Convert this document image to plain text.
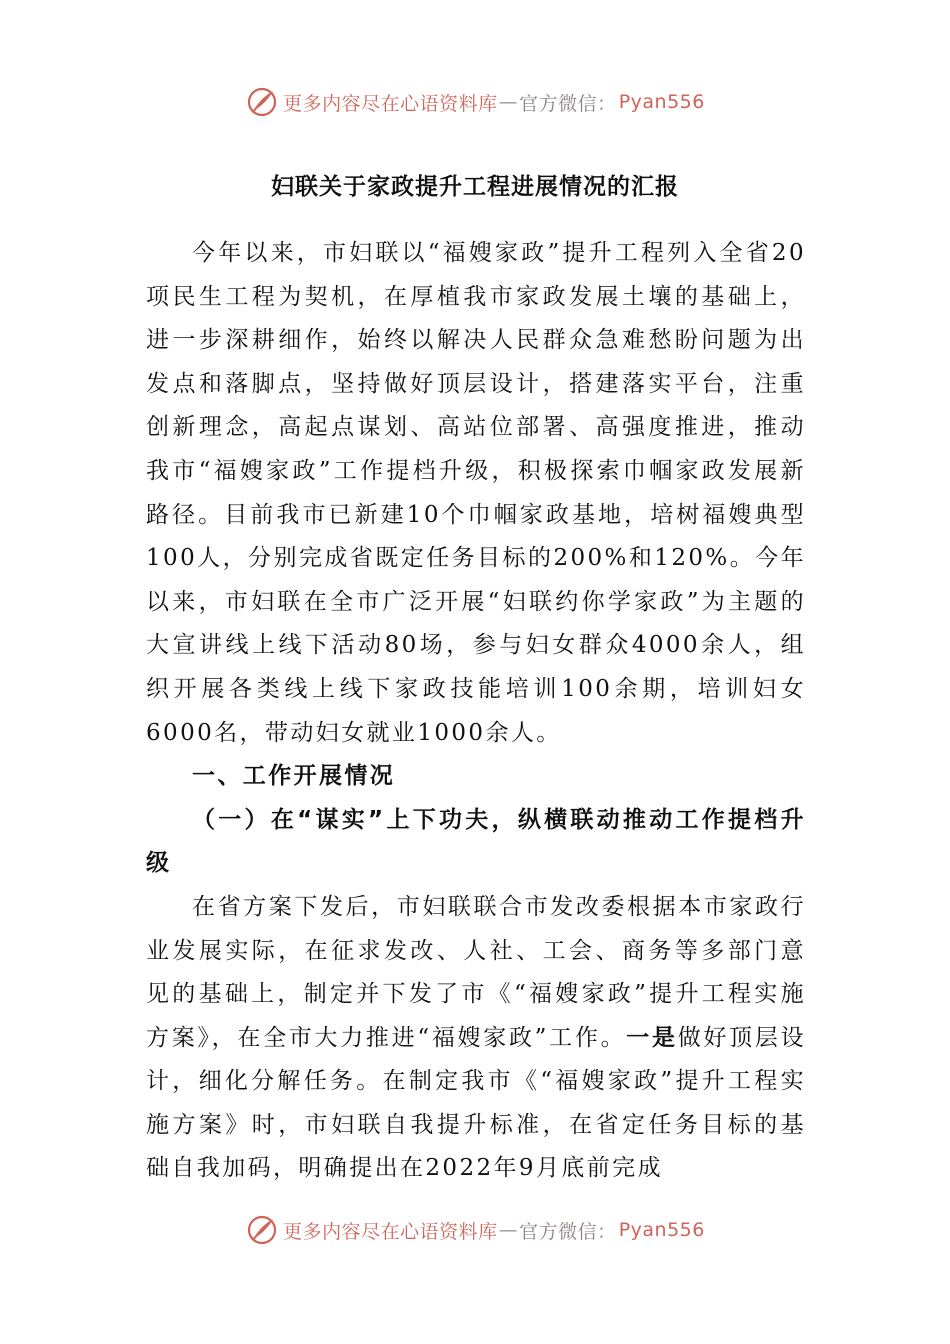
更多内容尽在心语资料库 — 官方微信： Pyan556
妇联关于家政提升工程进展情况的汇报

今年以来，市妇联以“福嫂家政”提升工程列入全省20项民生工程为契机，在厚植我市家政发展土壤的基础上，进一步深耕细作，始终以解决人民群众急难愁盼问题为出发点和落脚点，坚持做好顶层设计，搭建落实平台，注重创新理念，高起点谋划、高站位部署、高强度推进，推动我市“福嫂家政”工作提档升级，积极探索巾帼家政发展新路径。目前我市已新建10个巾帼家政基地，培树福嫂典型100人，分别完成省既定任务目标的200%和120%。今年以来，市妇联在全市广泛开展“妇联约你学家政”为主题的大宣讲线上线下活动80场，参与妇女群众4000余人，组织开展各类线上线下家政技能培训100余期，培训妇女6000名，带动妇女就业1000余人。

一、工作开展情况

（一）在“谋实”上下功夫，纵横联动推动工作提档升级

在省方案下发后，市妇联联合市发改委根据本市家政行业发展实际，在征求发改、人社、工会、商务等多部门意见的基础上，制定并下发了市《“福嫂家政”提升工程实施方案》，在全市大力推进“福嫂家政”工作。一是做好顶层设计，细化分解任务。在制定我市《“福嫂家政”提升工程实施方案》时，市妇联自我提升标准，在省定任务目标的基础自我加码，明确提出在2022年9月底前完成

更多内容尽在心语资料库 — 官方微信： Pyan556
